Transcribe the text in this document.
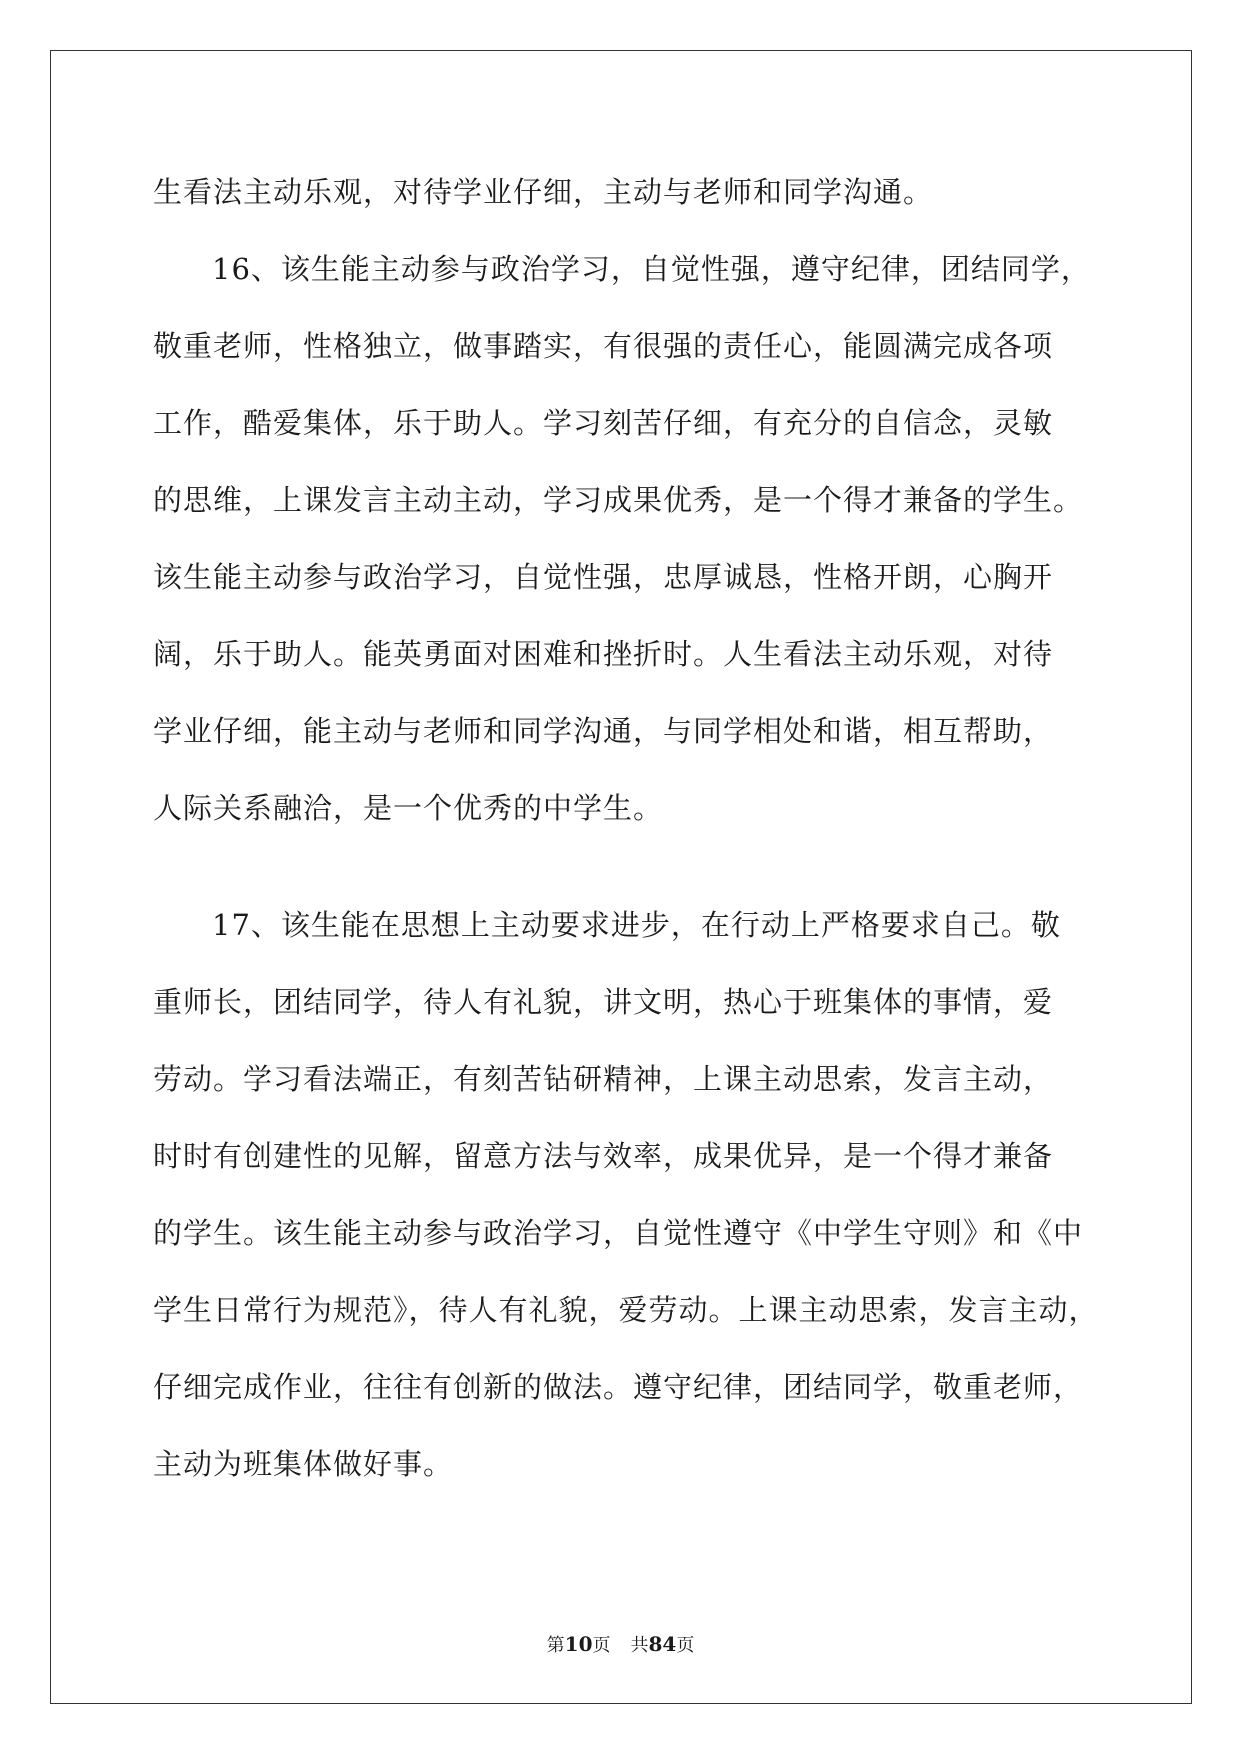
生看法主动乐观，对待学业仔细，主动与老师和同学沟通。
16、该生能主动参与政治学习，自觉性强，遵守纪律，团结同学，
敬重老师，性格独立，做事踏实，有很强的责任心，能圆满完成各项
工作，酷爱集体，乐于助人。学习刻苦仔细，有充分的自信念，灵敏
的思维，上课发言主动主动，学习成果优秀，是一个得才兼备的学生。
该生能主动参与政治学习，自觉性强，忠厚诚恳，性格开朗，心胸开
阔，乐于助人。能英勇面对困难和挫折时。人生看法主动乐观，对待
学业仔细，能主动与老师和同学沟通，与同学相处和谐，相互帮助，
人际关系融洽，是一个优秀的中学生。
17、该生能在思想上主动要求进步，在行动上严格要求自己。敬
重师长，团结同学，待人有礼貌，讲文明，热心于班集体的事情，爱
劳动。学习看法端正，有刻苦钻研精神，上课主动思索，发言主动，
时时有创建性的见解，留意方法与效率，成果优异，是一个得才兼备
的学生。该生能主动参与政治学习，自觉性遵守《中学生守则》和《中
学生日常行为规范》，待人有礼貌，爱劳动。上课主动思索，发言主动，
仔细完成作业，往往有创新的做法。遵守纪律，团结同学，敬重老师，
主动为班集体做好事。
第10页 共84页
